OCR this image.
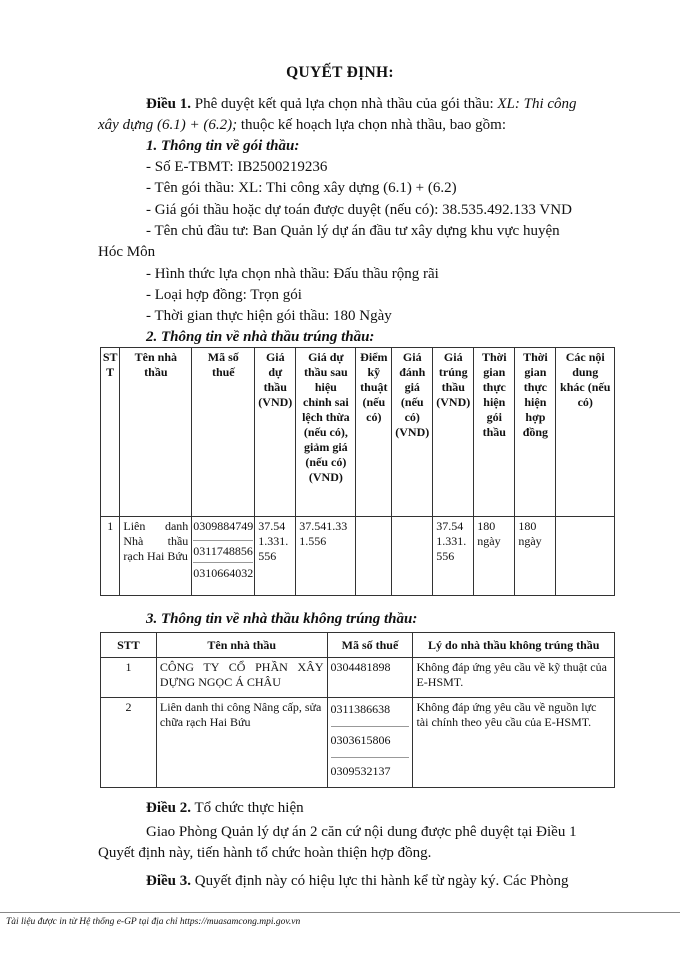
QUYẾT ĐỊNH:
Điều 1. Phê duyệt kết quả lựa chọn nhà thầu của gói thầu: XL: Thi công
xây dựng (6.1) + (6.2); thuộc kế hoạch lựa chọn nhà thầu, bao gồm:
1. Thông tin về gói thầu:
- Số E-TBMT: IB2500219236
- Tên gói thầu: XL: Thi công xây dựng (6.1) + (6.2)
- Giá gói thầu hoặc dự toán được duyệt (nếu có): 38.535.492.133 VND
- Tên chủ đầu tư: Ban Quản lý dự án đầu tư xây dựng khu vực huyện
Hóc Môn
- Hình thức lựa chọn nhà thầu: Đấu thầu rộng rãi
- Loại hợp đồng: Trọn gói
- Thời gian thực hiện gói thầu: 180 Ngày
2. Thông tin về nhà thầu trúng thầu:
STT	Tên nhà thầu	Mã số thuế	Giá dự thầu (VND)	Giá dự thầu sau hiệu chỉnh sai lệch thừa (nếu có), giảm giá (nếu có) (VND)	Điểm kỹ thuật (nếu có)	Giá đánh giá (nếu có) (VND)	Giá trúng thầu (VND)	Thời gian thực hiện gói thầu	Thời gian thực hiện hợp đồng	Các nội dung khác (nếu có)
1	Liên danh Nhà thầu rạch Hai Bứu	0309884749
0311748856
0310664032	37.541.331.556	37.541.331.556			37.541.331.556	180 ngày	180 ngày	
3. Thông tin về nhà thầu không trúng thầu:
STT	Tên nhà thầu	Mã số thuế	Lý do nhà thầu không trúng thầu
1	CÔNG TY CỔ PHẦN XÂY DỰNG NGỌC Á CHÂU	0304481898	Không đáp ứng yêu cầu về kỹ thuật của E-HSMT.
2	Liên danh thi công Nâng cấp, sửa chữa rạch Hai Bứu	0311386638
0303615806
0309532137	Không đáp ứng yêu cầu về nguồn lực tài chính theo yêu cầu của E-HSMT.
Điều 2. Tổ chức thực hiện
Giao Phòng Quản lý dự án 2 căn cứ nội dung được phê duyệt tại Điều 1
Quyết định này, tiến hành tổ chức hoàn thiện hợp đồng.
Điều 3. Quyết định này có hiệu lực thi hành kể từ ngày ký. Các Phòng
Tài liệu được in từ Hệ thống e-GP tại địa chỉ https://muasamcong.mpi.gov.vn
